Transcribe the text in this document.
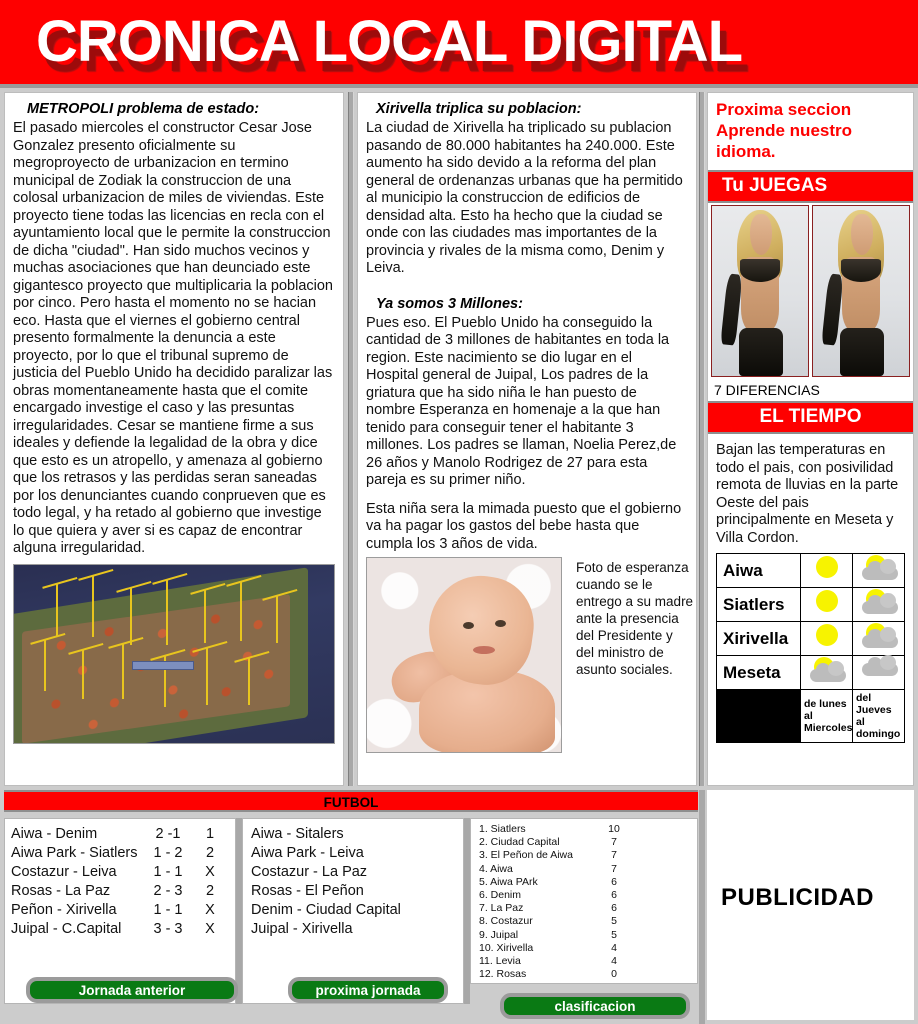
CRONICA LOCAL DIGITAL
METROPOLI problema de estado:

El pasado miercoles el constructor Cesar Jose Gonzalez presento oficialmente su megroproyecto de urbanizacion en termino municipal de Zodiak la construccion de una colosal urbanizacion de miles de viviendas. Este proyecto tiene todas las licencias en recla con el ayuntamiento local que le permite la construccion de dicha "ciudad". Han sido muchos vecinos y muchas asociaciones que han deunciado este gigantesco proyecto que multiplicaria la poblacion por cinco. Pero hasta el momento no se hacian eco. Hasta que el viernes el gobierno central presento formalmente la denuncia a este proyecto, por lo que el tribunal supremo de justicia del Pueblo Unido ha decidido paralizar las obras momentaneamente hasta que el comite encargado investige el caso y las presuntas irregularidades. Cesar se mantiene firme a sus ideales y defiende la legalidad de la obra y dice que esto es un atropello, y amenaza al gobierno que los retrasos y las perdidas seran saneadas por los denunciantes cuando conprueven que es todo legal, y ha retado al gobierno que investige lo que quiera y aver si es capaz de encontrar alguna irregularidad.

Xirivella triplica su poblacion:

La ciudad de Xirivella ha triplicado su publacion pasando de 80.000 habitantes ha 240.000. Este aumento ha sido devido a la reforma del plan general de ordenanzas urbanas que ha permitido al municipio la construccion de edificios de densidad alta. Esto ha hecho que la ciudad se onde con las ciudades mas importantes de la provincia y rivales de la misma como, Denim y Leiva.

Ya somos 3 Millones:

Pues eso. El Pueblo Unido ha conseguido la cantidad de 3 millones de habitantes en toda la region. Este nacimiento se dio lugar en el Hospital general de Juipal, Los padres de la griatura que ha sido niña le han puesto de nombre Esperanza en homenaje a la que han tenido para conseguir tener el habitante 3 millones. Los padres se llaman, Noelia Perez,de 26 años y Manolo Rodrigez de 27 para esta pareja es su primer niño.

Esta niña sera la mimada puesto que el gobierno va ha pagar los gastos del bebe hasta que cumpla los 3 años de vida.

Foto de esperanza cuando se le entrego a su madre ante la presencia del Presidente y del ministro de asunto sociales.
Proxima seccion Aprende nuestro idioma.
Tu JUEGAS
7 DIFERENCIAS
EL TIEMPO
Bajan las temperaturas en todo el pais, con posivilidad remota de lluvias en la parte Oeste del pais principalmente en Meseta y Villa Cordon.
Aiwa	

Siatlers	

Xirivella	

Meseta	

	de lunes al Miercoles	del Jueves al domingo
FUTBOL
Aiwa - Denim	2 -1	1
Aiwa Park - Siatlers	1 - 2	2
Costazur - Leiva	1 - 1	X
Rosas - La Paz	2 - 3	2
Peñon - Xirivella	1 - 1	X
Juipal - C.Capital	3 - 3	X
Aiwa - Sitalers
Aiwa Park - Leiva
Costazur - La Paz
Rosas - El Peñon
Denim - Ciudad Capital
Juipal - Xirivella
1. Siatlers	10
2. Ciudad Capital	7
3. El Peñon de Aiwa	7
4. Aiwa	7
5. Aiwa PArk	6
6. Denim	6
7. La Paz	6
8. Costazur	5
9. Juipal	5
10. Xirivella	4
11. Levia	4
12. Rosas	0
Jornada anterior	proxima jornada
clasificacion
PUBLICIDAD
